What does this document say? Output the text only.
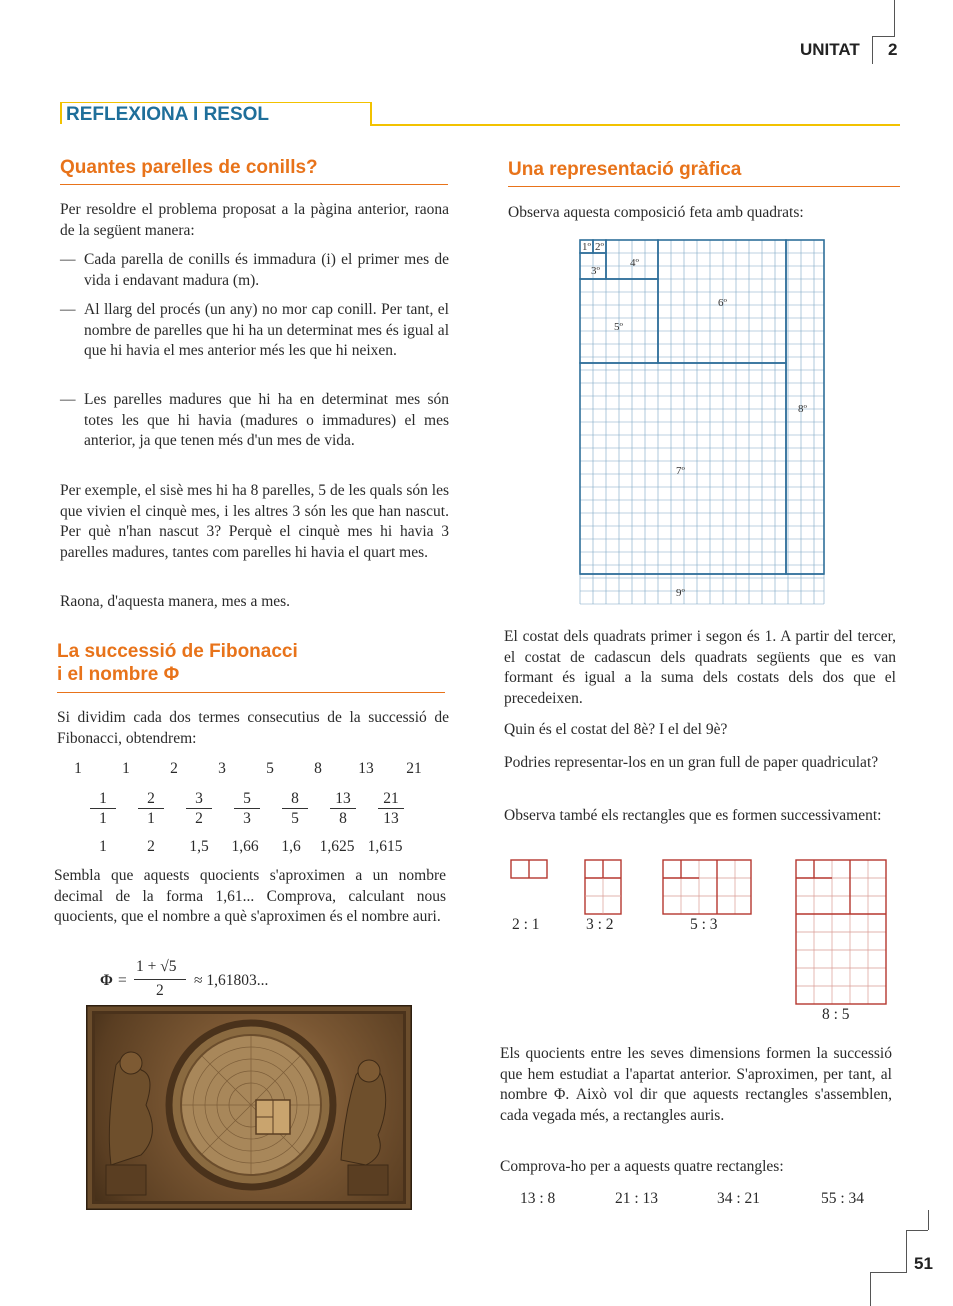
UNITAT 2
REFLEXIONA I RESOL
Quantes parelles de conills?

Per resoldre el problema proposat a la pàgina anterior, raona de la següent manera:

— Cada parella de conills és immadura (i) el primer mes de vida i endavant madura (m).
— Al llarg del procés (un any) no mor cap conill. Per tant, el nombre de parelles que hi ha un determinat mes és igual al que hi havia el mes anterior més les que hi neixen.
— Les parelles madures que hi ha en determinat mes són totes les que hi havia (madures o immadures) el mes anterior, ja que tenen més d'un mes de vida.

Per exemple, el sisè mes hi ha 8 parelles, 5 de les quals són les que vivien el cinquè mes, i les altres 3 són les que han nascut. Per què n'han nascut 3? Perquè el cinquè mes hi havia 3 parelles madures, tantes com parelles hi havia el quart mes.

Raona, d'aquesta manera, mes a mes.

La successió de Fibonacci
i el nombre Φ

Si dividim cada dos termes consecutius de la successió de Fibonacci, obtendrem:

1	1	2	3	5	8	13 21
$\frac{1}{1} \frac{2}{1} \frac{3}{2} \frac{5}{3} \frac{8}{5} \frac{13}{8} \frac{21}{13}$
1	2	1,5	1,66	1,6	1,625 1,615

Sembla que aquests quocients s'aproximen a un nombre decimal de la forma 1,61... Comprova, calculant nous quocients, que el nombre a què s'aproximen és el nombre auri.

Φ =
1 + √5
2
≈ 1,61803...
Una representació gràfica

Observa aquesta composició feta amb quadrats:

1º 2º
3º
4º
5º
6º
7º
8º
9º

El costat dels quadrats primer i segon és 1. A partir del tercer, el costat de cadascun dels quadrats següents que es van formant és igual a la suma dels costats dels dos que el precedeixen.

Quin és el costat del 8è? I el del 9è?

Podries representar-los en un gran full de paper quadriculat?

Observa també els rectangles que es formen successivament:

2 : 1	3 : 2	5 : 3
8 : 5

Els quocients entre les seves dimensions formen la successió que hem estudiat a l'apartat anterior. S'aproximen, per tant, al nombre Φ. Això vol dir que aquests rectangles s'assemblen, cada vegada més, a rectangles auris.

Comprova-ho per a aquests quatre rectangles:

13 : 8	21 : 13	34 : 21	55 : 34
51
